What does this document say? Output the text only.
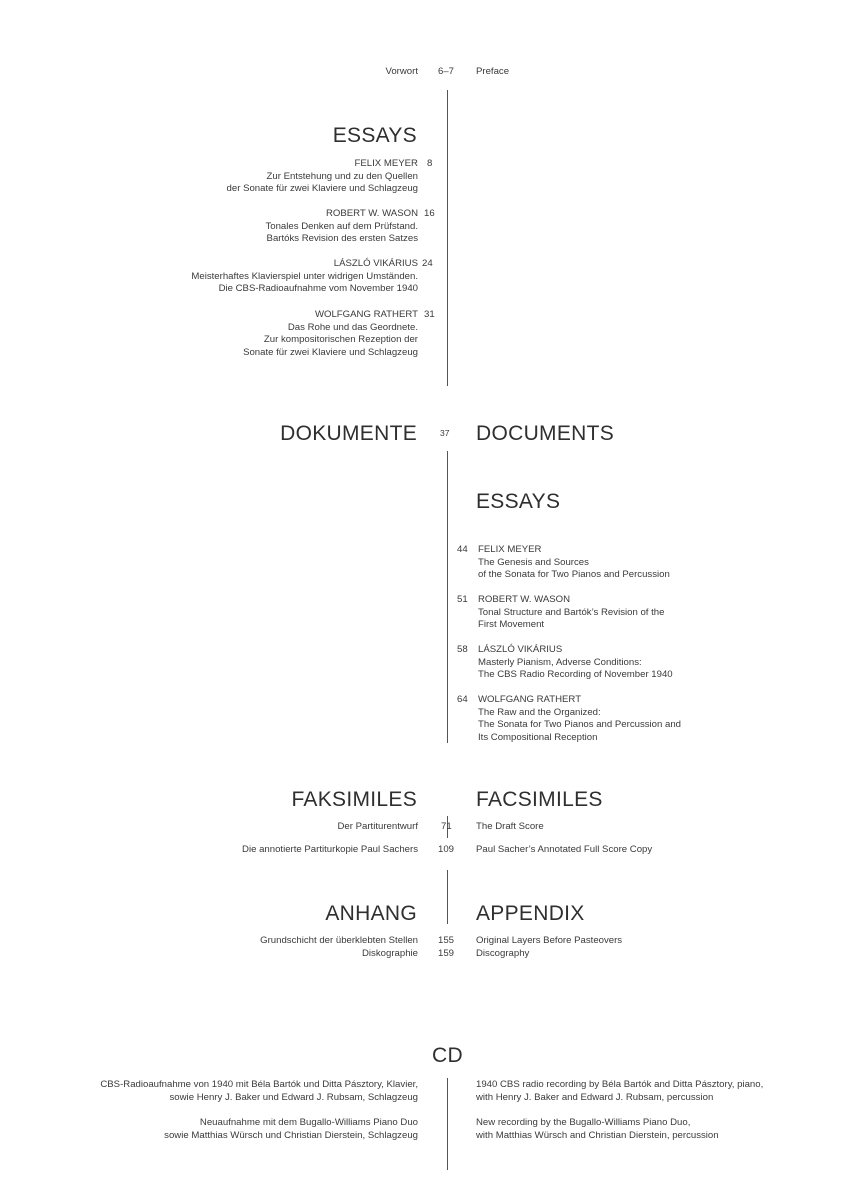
Vorwort 6–7 Preface
ESSAYS
FELIX MEYER
Zur Entstehung und zu den Quellen
der Sonate für zwei Klaviere und Schlagzeug
8
ROBERT W. WASON
Tonales Denken auf dem Prüfstand.
Bartóks Revision des ersten Satzes
16
LÁSZLÓ VIKÁRIUS
Meisterhaftes Klavierspiel unter widrigen Umständen.
Die CBS-Radioaufnahme vom November 1940
24
WOLFGANG RATHERT
Das Rohe und das Geordnete.
Zur kompositorischen Rezeption der
Sonate für zwei Klaviere und Schlagzeug
31
DOKUMENTE	37 DOCUMENTS
ESSAYS
44 FELIX MEYER
The Genesis and Sources
of the Sonata for Two Pianos and Percussion
51 ROBERT W. WASON
Tonal Structure and Bartók’s Revision of the
First Movement
58 LÁSZLÓ VIKÁRIUS
Masterly Pianism, Adverse Conditions:
The CBS Radio Recording of November 1940
64 WOLFGANG RATHERT
The Raw and the Organized:
The Sonata for Two Pianos and Percussion and
Its Compositional Reception
FAKSIMILES	FACSIMILES
Der Partiturentwurf 71	The Draft Score
Die annotierte Partiturkopie Paul Sachers 109 Paul Sacher’s Annotated Full Score Copy
ANHANG	APPENDIX
Grundschicht der überklebten Stellen 155 Original Layers Before Pasteovers
Diskographie 159 Discography
CD
CBS-Radioaufnahme von 1940 mit Béla Bartók und Ditta Pásztory, Klavier,
sowie Henry J. Baker und Edward J. Rubsam, Schlagzeug
1940 CBS radio recording by Béla Bartók and Ditta Pásztory, piano,
with Henry J. Baker and Edward J. Rubsam, percussion
Neuaufnahme mit dem Bugallo-Williams Piano Duo
sowie Matthias Würsch und Christian Dierstein, Schlagzeug
New recording by the Bugallo-Williams Piano Duo,
with Matthias Würsch and Christian Dierstein, percussion
